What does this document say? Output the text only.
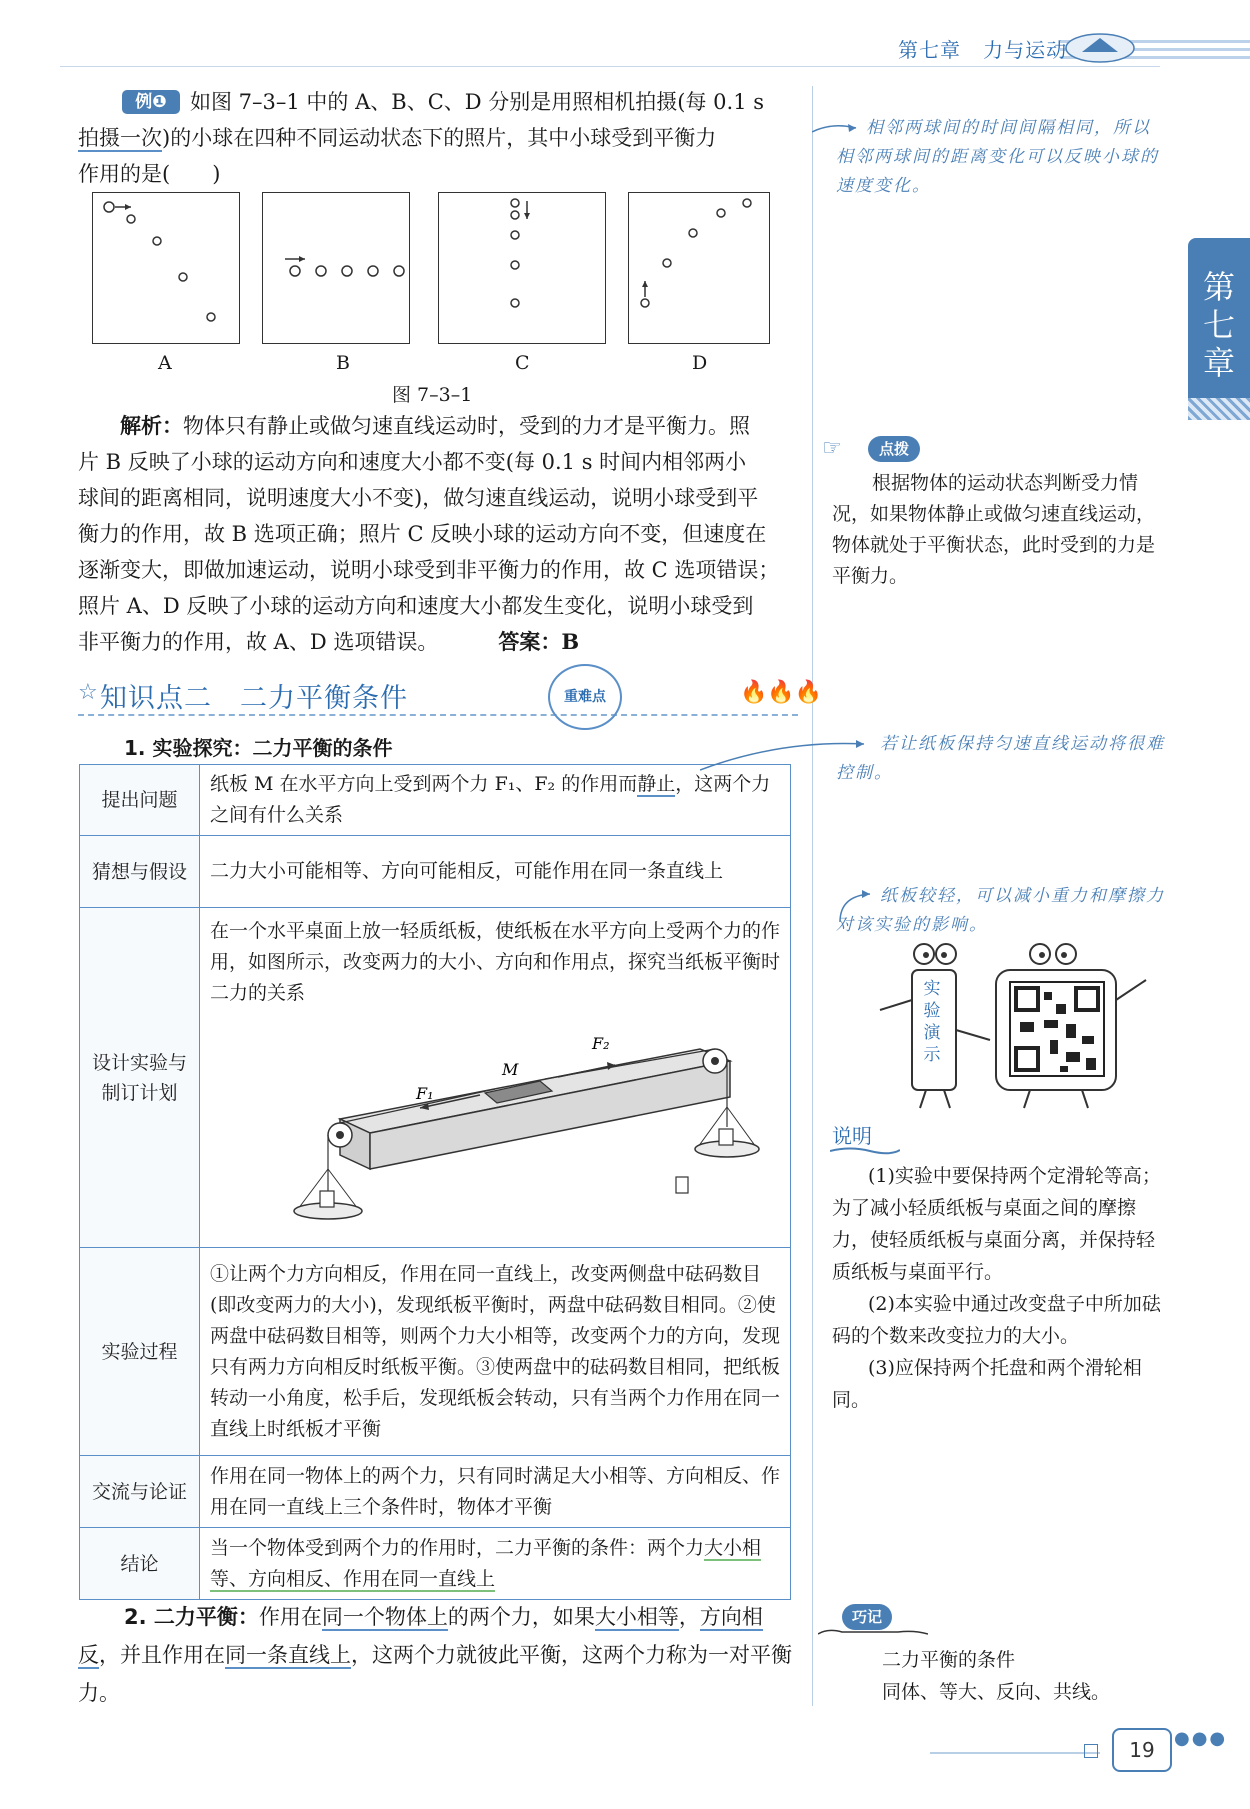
第七章 力与运动
第七章
如图 7–3–1 中的 A、B、C、D 分别是用照相机拍摄(每 0.1 s
拍摄一次)的小球在四种不同运动状态下的照片，其中小球受到平衡力
作用的是(　　)
例❶
A	B	C	D
图 7–3–1
解析：物体只有静止或做匀速直线运动时，受到的力才是平衡力。照
片 B 反映了小球的运动方向和速度大小都不变(每 0.1 s 时间内相邻两小
球间的距离相同，说明速度大小不变)，做匀速直线运动，说明小球受到平
衡力的作用，故 B 选项正确；照片 C 反映小球的运动方向不变，但速度在
逐渐变大，即做加速运动，说明小球受到非平衡力的作用，故 C 选项错误；
照片 A、D 反映了小球的运动方向和速度大小都发生变化，说明小球受到
非平衡力的作用，故 A、D 选项错误。	答案：B
☆ 知识点二　二力平衡条件	重难点	🔥🔥🔥
1. 实验探究：二力平衡的条件
提出问题	纸板 M 在水平方向上受到两个力 F₁、F₂ 的作用而静止，这两个力之间有什么关系
猜想与假设	二力大小可能相等、方向可能相反，可能作用在同一条直线上

设计实验与制订计划	在一个水平桌面上放一轻质纸板，使纸板在水平方向上受两个力的作用，如图所示，改变两力的大小、方向和作用点，探究当纸板平衡时二力的关系
M
F₁
F₂

实验过程	①让两个力方向相反，作用在同一直线上，改变两侧盘中砝码数目(即改变两力的大小)，发现纸板平衡时，两盘中砝码数目相同。②使两盘中砝码数目相等，则两个力大小相等，改变两个力的方向，发现只有两力方向相反时纸板平衡。③使两盘中的砝码数目相同，把纸板转动一小角度，松手后，发现纸板会转动，只有当两个力作用在同一直线上时纸板才平衡
交流与论证	作用在同一物体上的两个力，只有同时满足大小相等、方向相反、作用在同一直线上三个条件时，物体才平衡
结论	当一个物体受到两个力的作用时，二力平衡的条件：两个力大小相等、方向相反、作用在同一直线上
2. 二力平衡：作用在同一个物体上的两个力，如果大小相等，方向相反，并且作用在同一条直线上，这两个力就彼此平衡，这两个力称为一对平衡力。
相邻两球间的时间间隔相同，所以相邻两球间的距离变化可以反映小球的速度变化。
☞	点拨
根据物体的运动状态判断受力情况，如果物体静止或做匀速直线运动，物体就处于平衡状态，此时受到的力是平衡力。
若让纸板保持匀速直线运动将很难控制。
纸板较轻，可以减小重力和摩擦力对该实验的影响。
实验演示
说明
(1)实验中要保持两个定滑轮等高；为了减小轻质纸板与桌面之间的摩擦力，使轻质纸板与桌面分离，并保持轻质纸板与桌面平行。
(2)本实验中通过改变盘子中所加砝码的个数来改变拉力的大小。
(3)应保持两个托盘和两个滑轮相同。
巧记
二力平衡的条件
同体、等大、反向、共线。
19	●●●
